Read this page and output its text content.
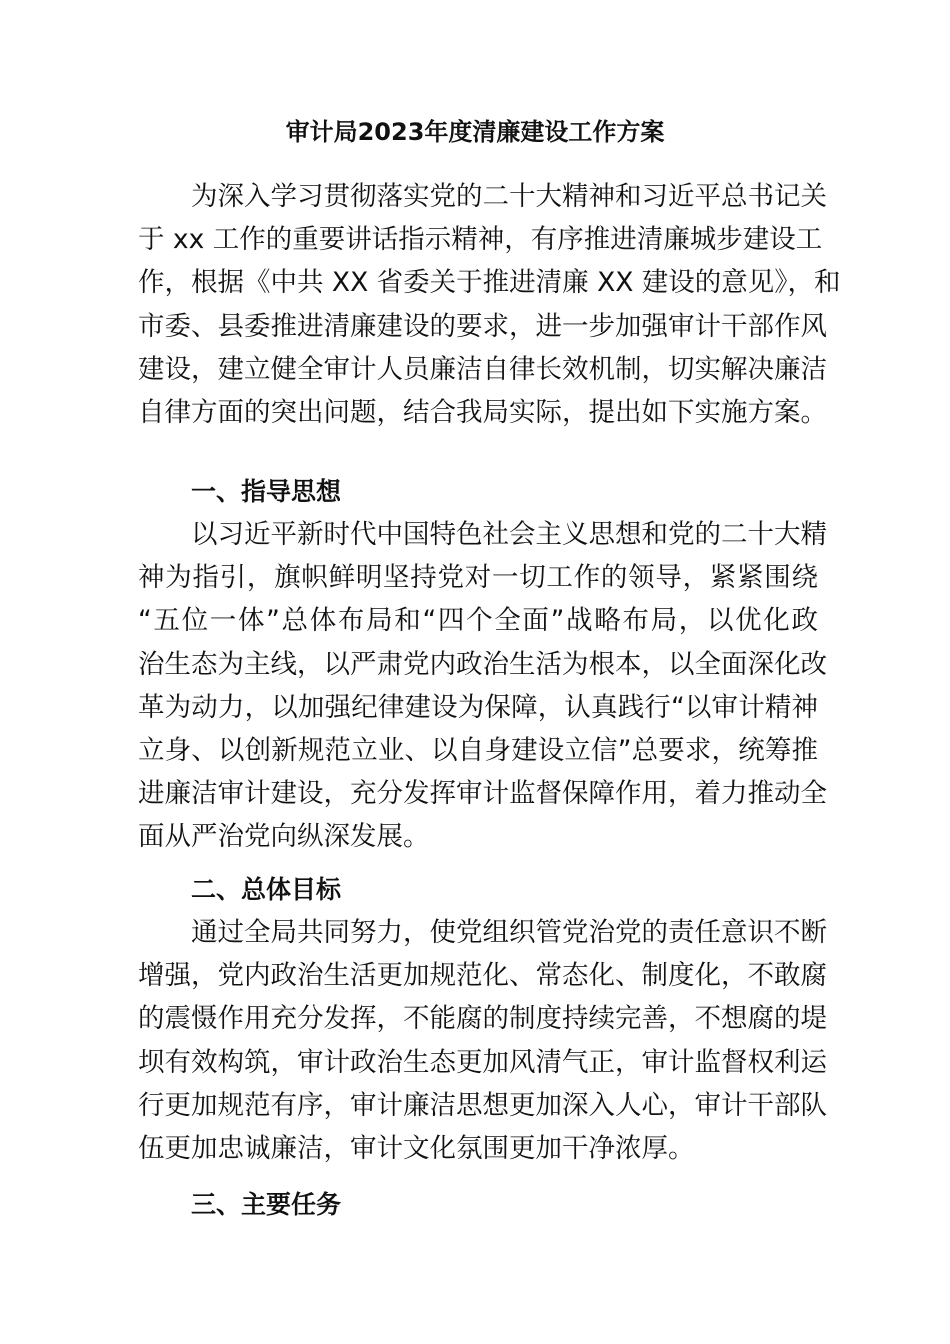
审计局2023年度清廉建设工作方案
为深入学习贯彻落实党的二十大精神和习近平总书记关
于 xx 工作的重要讲话指示精神，有序推进清廉城步建设工
作，根据《中共 XX 省委关于推进清廉 XX 建设的意见》，和
市委、县委推进清廉建设的要求，进一步加强审计干部作风
建设，建立健全审计人员廉洁自律长效机制，切实解决廉洁
自律方面的突出问题，结合我局实际，提出如下实施方案。
一、指导思想
以习近平新时代中国特色社会主义思想和党的二十大精
神为指引，旗帜鲜明坚持党对一切工作的领导，紧紧围绕
“五位一体”总体布局和“四个全面”战略布局，以优化政
治生态为主线，以严肃党内政治生活为根本，以全面深化改
革为动力，以加强纪律建设为保障，认真践行“以审计精神
立身、以创新规范立业、以自身建设立信”总要求，统筹推
进廉洁审计建设，充分发挥审计监督保障作用，着力推动全
面从严治党向纵深发展。
二、总体目标
通过全局共同努力，使党组织管党治党的责任意识不断
增强，党内政治生活更加规范化、常态化、制度化，不敢腐
的震慑作用充分发挥，不能腐的制度持续完善，不想腐的堤
坝有效构筑，审计政治生态更加风清气正，审计监督权利运
行更加规范有序，审计廉洁思想更加深入人心，审计干部队
伍更加忠诚廉洁，审计文化氛围更加干净浓厚。
三、主要任务
